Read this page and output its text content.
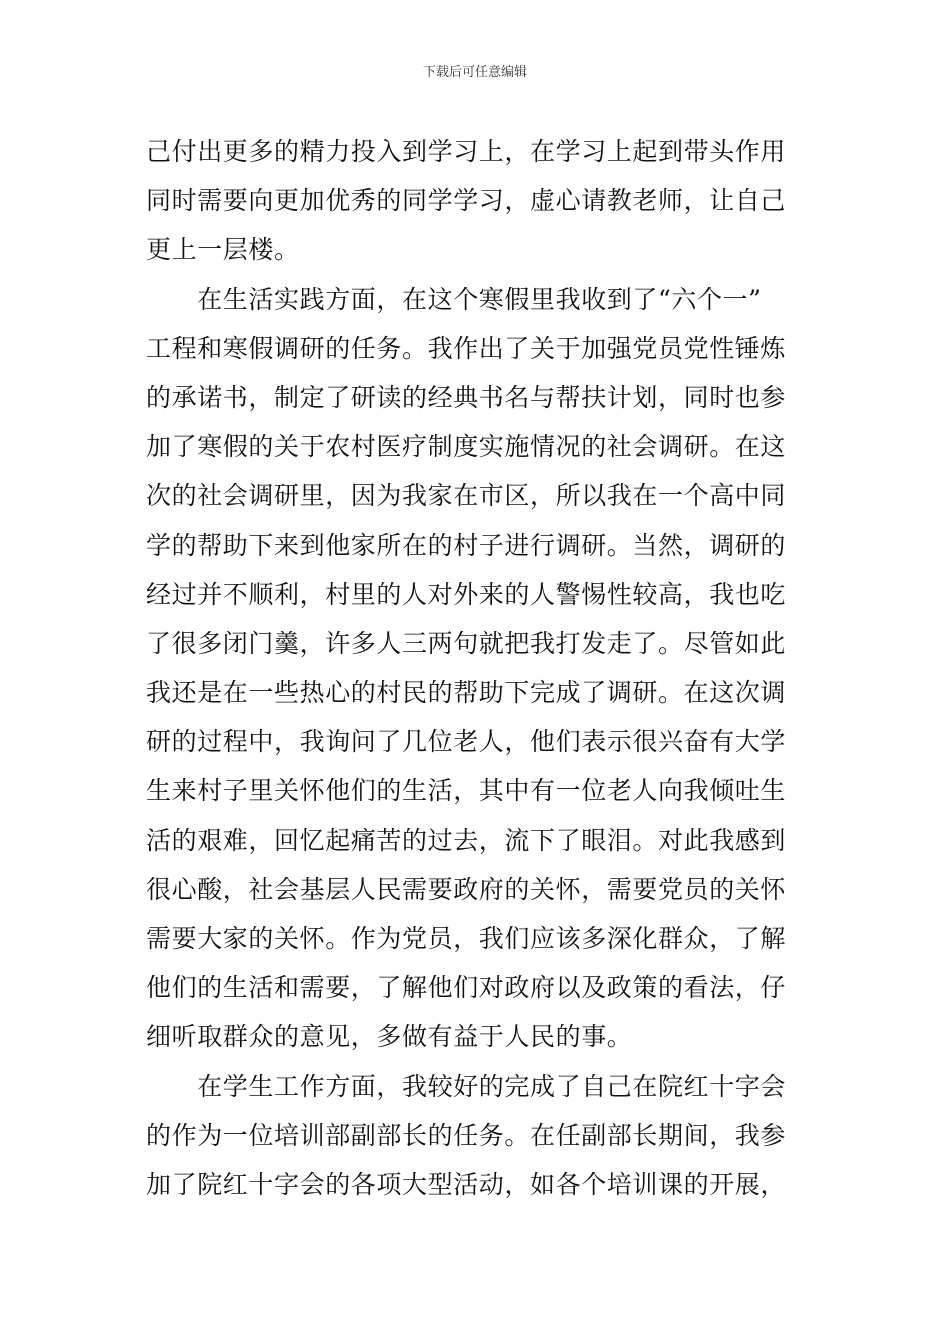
下载后可任意编辑
己付出更多的精力投入到学习上，在学习上起到带头作用
同时需要向更加优秀的同学学习，虚心请教老师，让自己
更上一层楼。
　　在生活实践方面，在这个寒假里我收到了“六个一”
工程和寒假调研的任务。我作出了关于加强党员党性锤炼
的承诺书，制定了研读的经典书名与帮扶计划，同时也参
加了寒假的关于农村医疗制度实施情况的社会调研。在这
次的社会调研里，因为我家在市区，所以我在一个高中同
学的帮助下来到他家所在的村子进行调研。当然，调研的
经过并不顺利，村里的人对外来的人警惕性较高，我也吃
了很多闭门羹，许多人三两句就把我打发走了。尽管如此
我还是在一些热心的村民的帮助下完成了调研。在这次调
研的过程中，我询问了几位老人，他们表示很兴奋有大学
生来村子里关怀他们的生活，其中有一位老人向我倾吐生
活的艰难，回忆起痛苦的过去，流下了眼泪。对此我感到
很心酸，社会基层人民需要政府的关怀，需要党员的关怀
需要大家的关怀。作为党员，我们应该多深化群众，了解
他们的生活和需要，了解他们对政府以及政策的看法，仔
细听取群众的意见，多做有益于人民的事。
　　在学生工作方面，我较好的完成了自己在院红十字会
的作为一位培训部副部长的任务。在任副部长期间，我参
加了院红十字会的各项大型活动，如各个培训课的开展，
